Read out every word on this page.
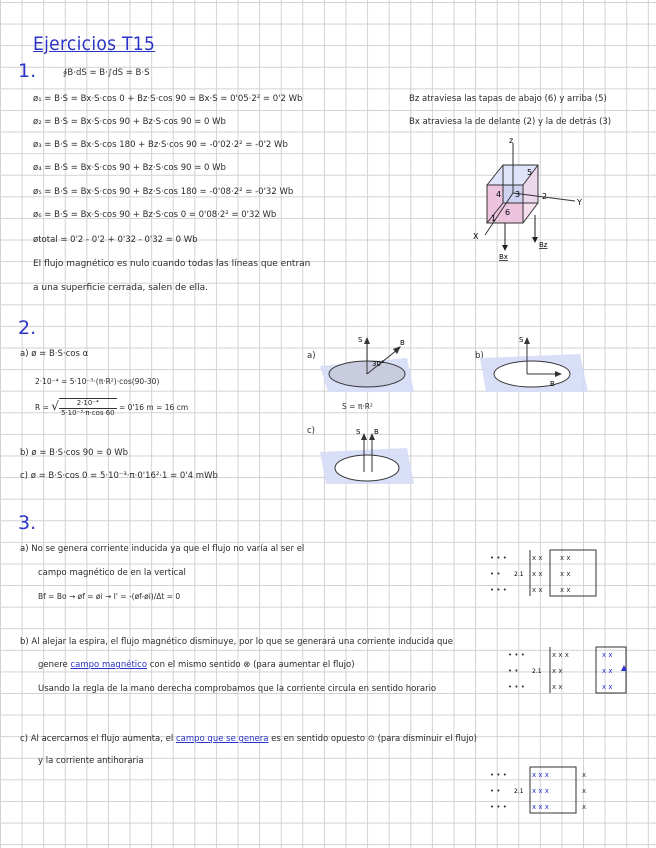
Ejercicios T15
1.	∮B·dS = B·∫dS = B·S
ø₁ = B·S = Bx·S·cos 0 + Bz·S·cos 90 = Bx·S = 0'05·2² = 0'2 Wb
ø₂ = B·S = Bx·S·cos 90 + Bz·S·cos 90 = 0 Wb
ø₃ = B·S = Bx·S·cos 180 + Bz·S·cos 90 = -0'02·2² = -0'2 Wb
ø₄ = B·S = Bx·S·cos 90 + Bz·S·cos 90 = 0 Wb
ø₅ = B·S = Bx·S·cos 90 + Bz·S·cos 180 = -0'08·2² = -0'32 Wb
ø₆ = B·S = Bx·S·cos 90 + Bz·S·cos 0 = 0'08·2² = 0'32 Wb
øtotal = 0'2 - 0'2 + 0'32 - 0'32 = 0 Wb
El flujo magnético es nulo cuando todas las líneas que entran
a una superficie cerrada, salen de ella.
Bz atraviesa las tapas de abajo (6) y arriba (5)
Bx atraviesa la de delante (2) y la de detrás (3)
z
Y
X
1
2
3
4
5
6
Bz
Bx
2.
a) ø = B·S·cos α
2·10⁻⁴ = 5·10⁻³·(π·R²)·cos(90-30)
R = √ $\frac{\text{2·10⁻⁴}}{\text{5·10⁻³·π·cos 60}} = 0'16$ m = 16 cm
b) ø = B·S·cos 90 = 0 Wb
c) ø = B·S·cos 0 = 5·10⁻³·π·0'16²·1 = 0'4 mWb
a)	b)
c)
S = π·R²
S	B
30°
S
B
S B
3.
a) No se genera corriente inducida ya que el flujo no varía al ser el
campo magnético de en la vertical
Bf = Bo → øf = øi → I' = -(øf-øi)/Δt = 0
b) Al alejar la espira, el flujo magnético disminuye, por lo que se generará una corriente inducida que
genere campo magnético con el mismo sentido ⊗ (para aumentar el flujo)
Usando la regla de la mano derecha comprobamos que la corriente circula en sentido horario
c) Al acercarnos el flujo aumenta, el campo que se genera es en sentido opuesto ⊙ (para disminuir el flujo)
y la corriente antihoraria
• • •
• •
• • •
x x
x x
x x
x x
x x
x x
2.1
• • •
• •
• • •
x x x
x x
x x
x x
x x
x x
2.1
• • •
• •
• • •
x
x
x
x x x
x x x
x x x
2.1
